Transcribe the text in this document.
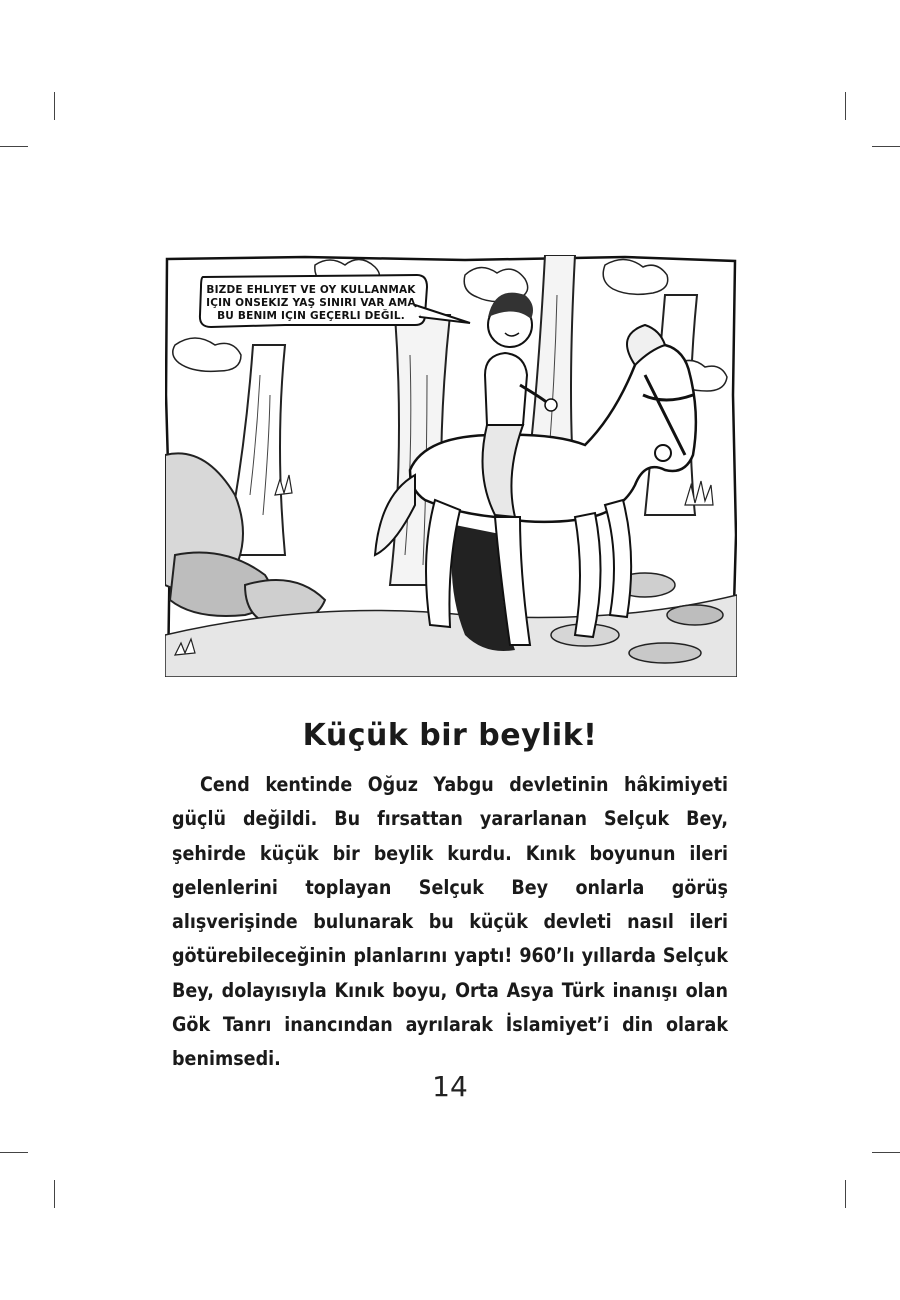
BIZDE EHLIYET VE OY KULLANMAK IÇIN ONSEKIZ YAŞ SINIRI VAR AMA BU BENIM IÇIN GEÇERLI DEĞIL.
Küçük bir beylik!

Cend kentinde Oğuz Yabgu devletinin hâkimiyeti güçlü değildi. Bu fırsattan yararlanan Selçuk Bey, şehirde küçük bir beylik kurdu. Kınık boyunun ileri gelenlerini toplayan Selçuk Bey onlarla görüş alışverişinde bulunarak bu küçük devleti nasıl ileri götürebileceğinin planlarını yaptı! 960’lı yıllarda Selçuk Bey, dolayısıyla Kınık boyu, Orta Asya Türk inanışı olan Gök Tanrı inancından ayrılarak İslamiyet’i din olarak benimsedi.

14
